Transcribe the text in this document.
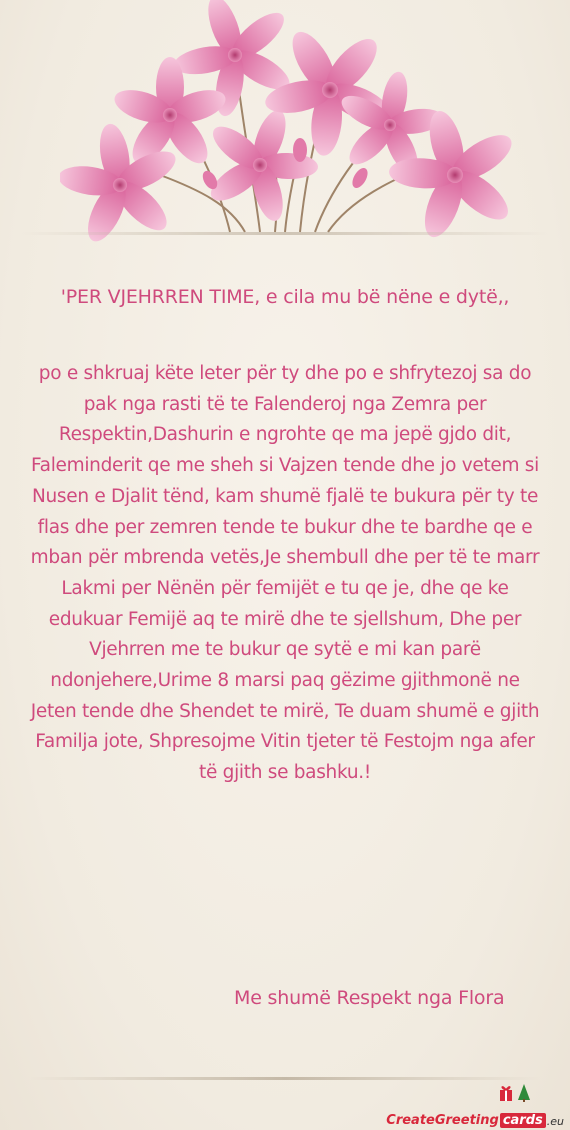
'PER VJEHRREN TIME, e cila mu bë nëne e dytë,,

po e shkruaj këte leter për ty dhe po e shfrytezoj sa do pak nga rasti të te Falenderoj nga Zemra per Respektin,Dashurin e ngrohte qe ma jepë gjdo dit, Faleminderit qe me sheh si Vajzen tende dhe jo vetem si Nusen e Djalit tënd, kam shumë fjalë te bukura për ty te flas dhe per zemren tende te bukur dhe te bardhe qe e mban për mbrenda vetës,Je shembull dhe per të te marr Lakmi per Nënën për femijët e tu qe je, dhe qe ke edukuar Femijë aq te mirë dhe te sjellshum, Dhe per Vjehrren me te bukur qe sytë e mi kan parë ndonjehere,Urime 8 marsi paq gëzime gjithmonë ne Jeten tende dhe Shendet te mirë, Te duam shumë e gjith Familja jote, Shpresojme Vitin tjeter të Festojm nga afer të gjith se bashku.!

Me shumë Respekt nga Flora
CreateGreeting cards .eu
